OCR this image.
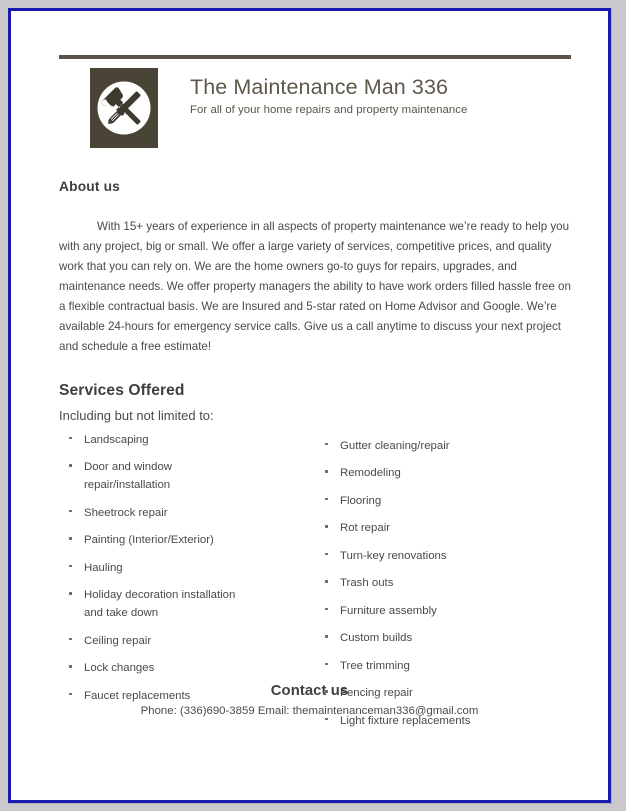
The Maintenance Man 336
For all of your home repairs and property maintenance
About us

With 15+ years of experience in all aspects of property maintenance we’re ready to help you with any project, big or small. We offer a large variety of services, competitive prices, and quality work that you can rely on. We are the home owners go-to guys for repairs, upgrades, and maintenance needs. We offer property managers the ability to have work orders filled hassle free on a flexible contractual basis. We are Insured and 5-star rated on Home Advisor and Google. We’re available 24-hours for emergency service calls. Give us a call anytime to discuss your next project and schedule a free estimate!

Services Offered
Including but not limited to:
Landscaping
Door and window
repair/installation
Sheetrock repair
Painting (Interior/Exterior)
Hauling
Holiday decoration installation
and take down
Ceiling repair
Lock changes
Faucet replacements
Gutter cleaning/repair
Remodeling
Flooring
Rot repair
Turn-key renovations
Trash outs
Furniture assembly
Custom builds
Tree trimming
Fencing repair
Light fixture replacements
Contact us
Phone: (336)690-3859 Email: themaintenanceman336@gmail.com
